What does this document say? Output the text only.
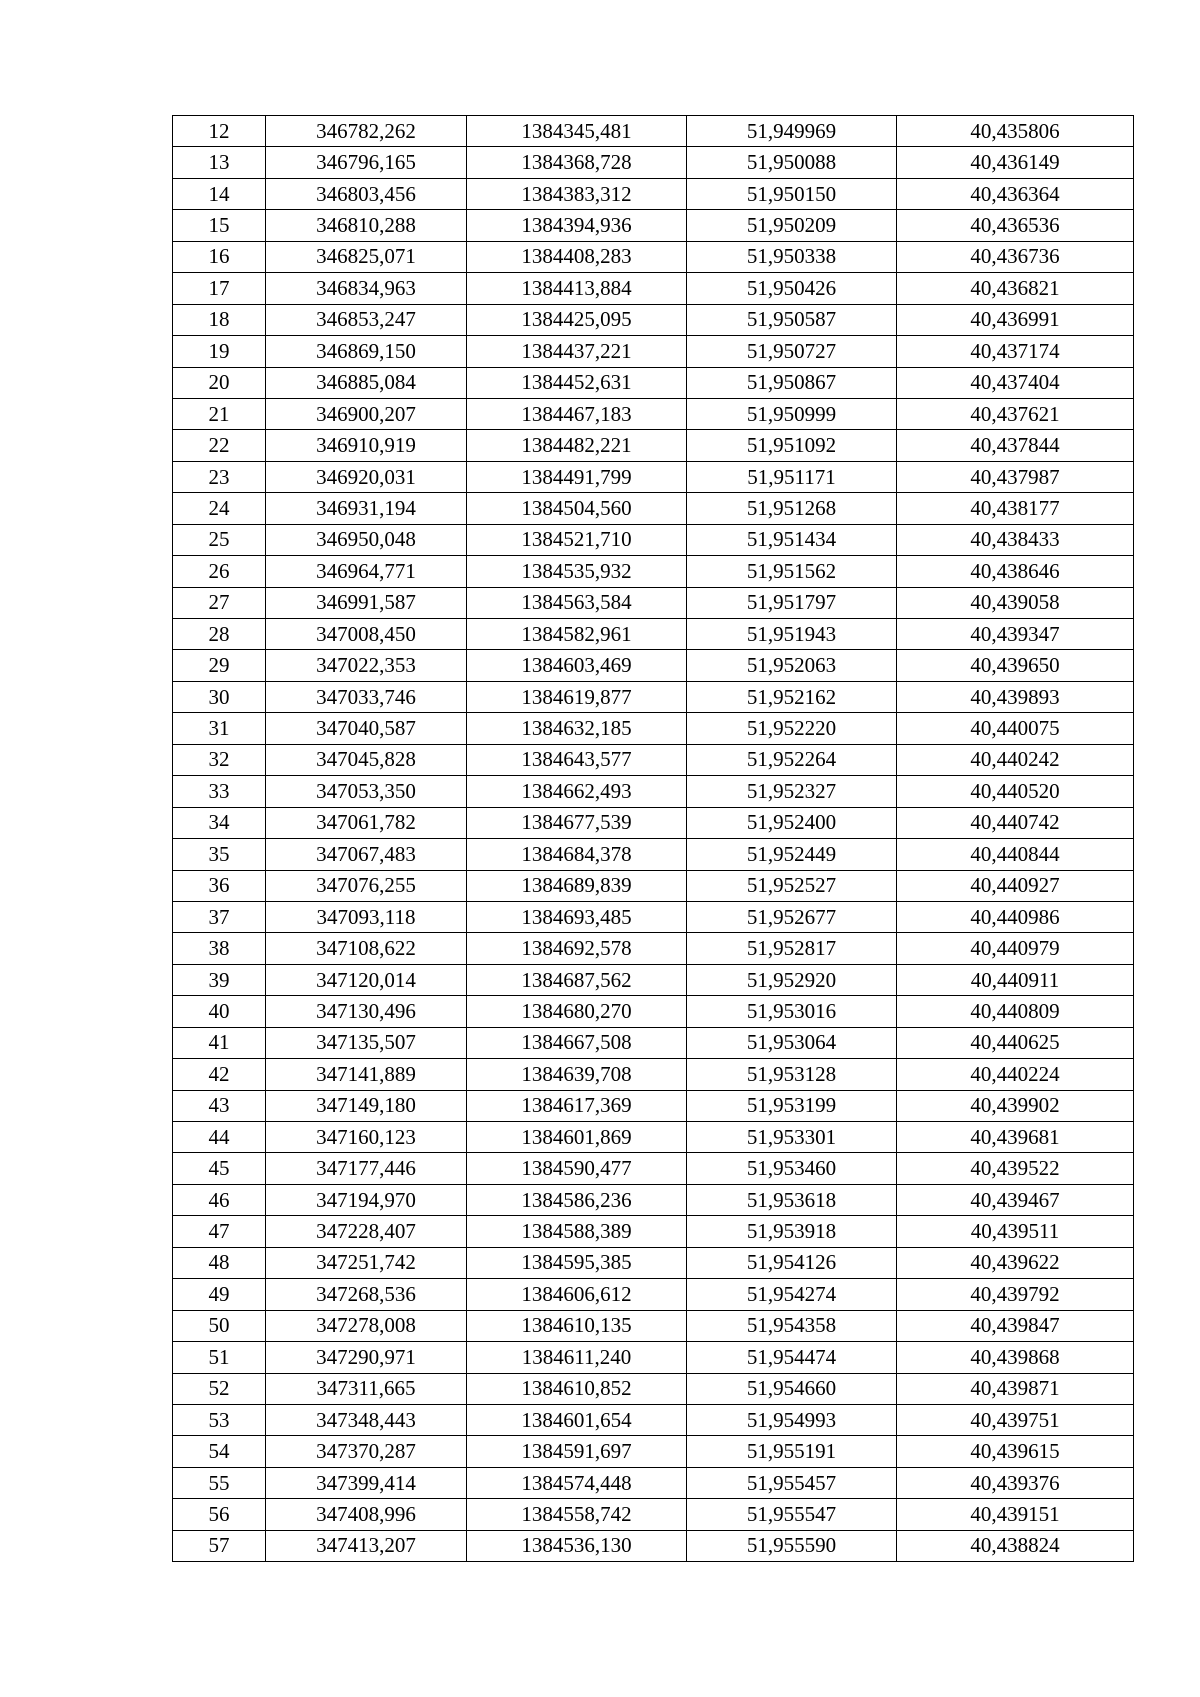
12	346782,262	1384345,481	51,949969	40,435806
13	346796,165	1384368,728	51,950088	40,436149
14	346803,456	1384383,312	51,950150	40,436364
15	346810,288	1384394,936	51,950209	40,436536
16	346825,071	1384408,283	51,950338	40,436736
17	346834,963	1384413,884	51,950426	40,436821
18	346853,247	1384425,095	51,950587	40,436991
19	346869,150	1384437,221	51,950727	40,437174
20	346885,084	1384452,631	51,950867	40,437404
21	346900,207	1384467,183	51,950999	40,437621
22	346910,919	1384482,221	51,951092	40,437844
23	346920,031	1384491,799	51,951171	40,437987
24	346931,194	1384504,560	51,951268	40,438177
25	346950,048	1384521,710	51,951434	40,438433
26	346964,771	1384535,932	51,951562	40,438646
27	346991,587	1384563,584	51,951797	40,439058
28	347008,450	1384582,961	51,951943	40,439347
29	347022,353	1384603,469	51,952063	40,439650
30	347033,746	1384619,877	51,952162	40,439893
31	347040,587	1384632,185	51,952220	40,440075
32	347045,828	1384643,577	51,952264	40,440242
33	347053,350	1384662,493	51,952327	40,440520
34	347061,782	1384677,539	51,952400	40,440742
35	347067,483	1384684,378	51,952449	40,440844
36	347076,255	1384689,839	51,952527	40,440927
37	347093,118	1384693,485	51,952677	40,440986
38	347108,622	1384692,578	51,952817	40,440979
39	347120,014	1384687,562	51,952920	40,440911
40	347130,496	1384680,270	51,953016	40,440809
41	347135,507	1384667,508	51,953064	40,440625
42	347141,889	1384639,708	51,953128	40,440224
43	347149,180	1384617,369	51,953199	40,439902
44	347160,123	1384601,869	51,953301	40,439681
45	347177,446	1384590,477	51,953460	40,439522
46	347194,970	1384586,236	51,953618	40,439467
47	347228,407	1384588,389	51,953918	40,439511
48	347251,742	1384595,385	51,954126	40,439622
49	347268,536	1384606,612	51,954274	40,439792
50	347278,008	1384610,135	51,954358	40,439847
51	347290,971	1384611,240	51,954474	40,439868
52	347311,665	1384610,852	51,954660	40,439871
53	347348,443	1384601,654	51,954993	40,439751
54	347370,287	1384591,697	51,955191	40,439615
55	347399,414	1384574,448	51,955457	40,439376
56	347408,996	1384558,742	51,955547	40,439151
57	347413,207	1384536,130	51,955590	40,438824
